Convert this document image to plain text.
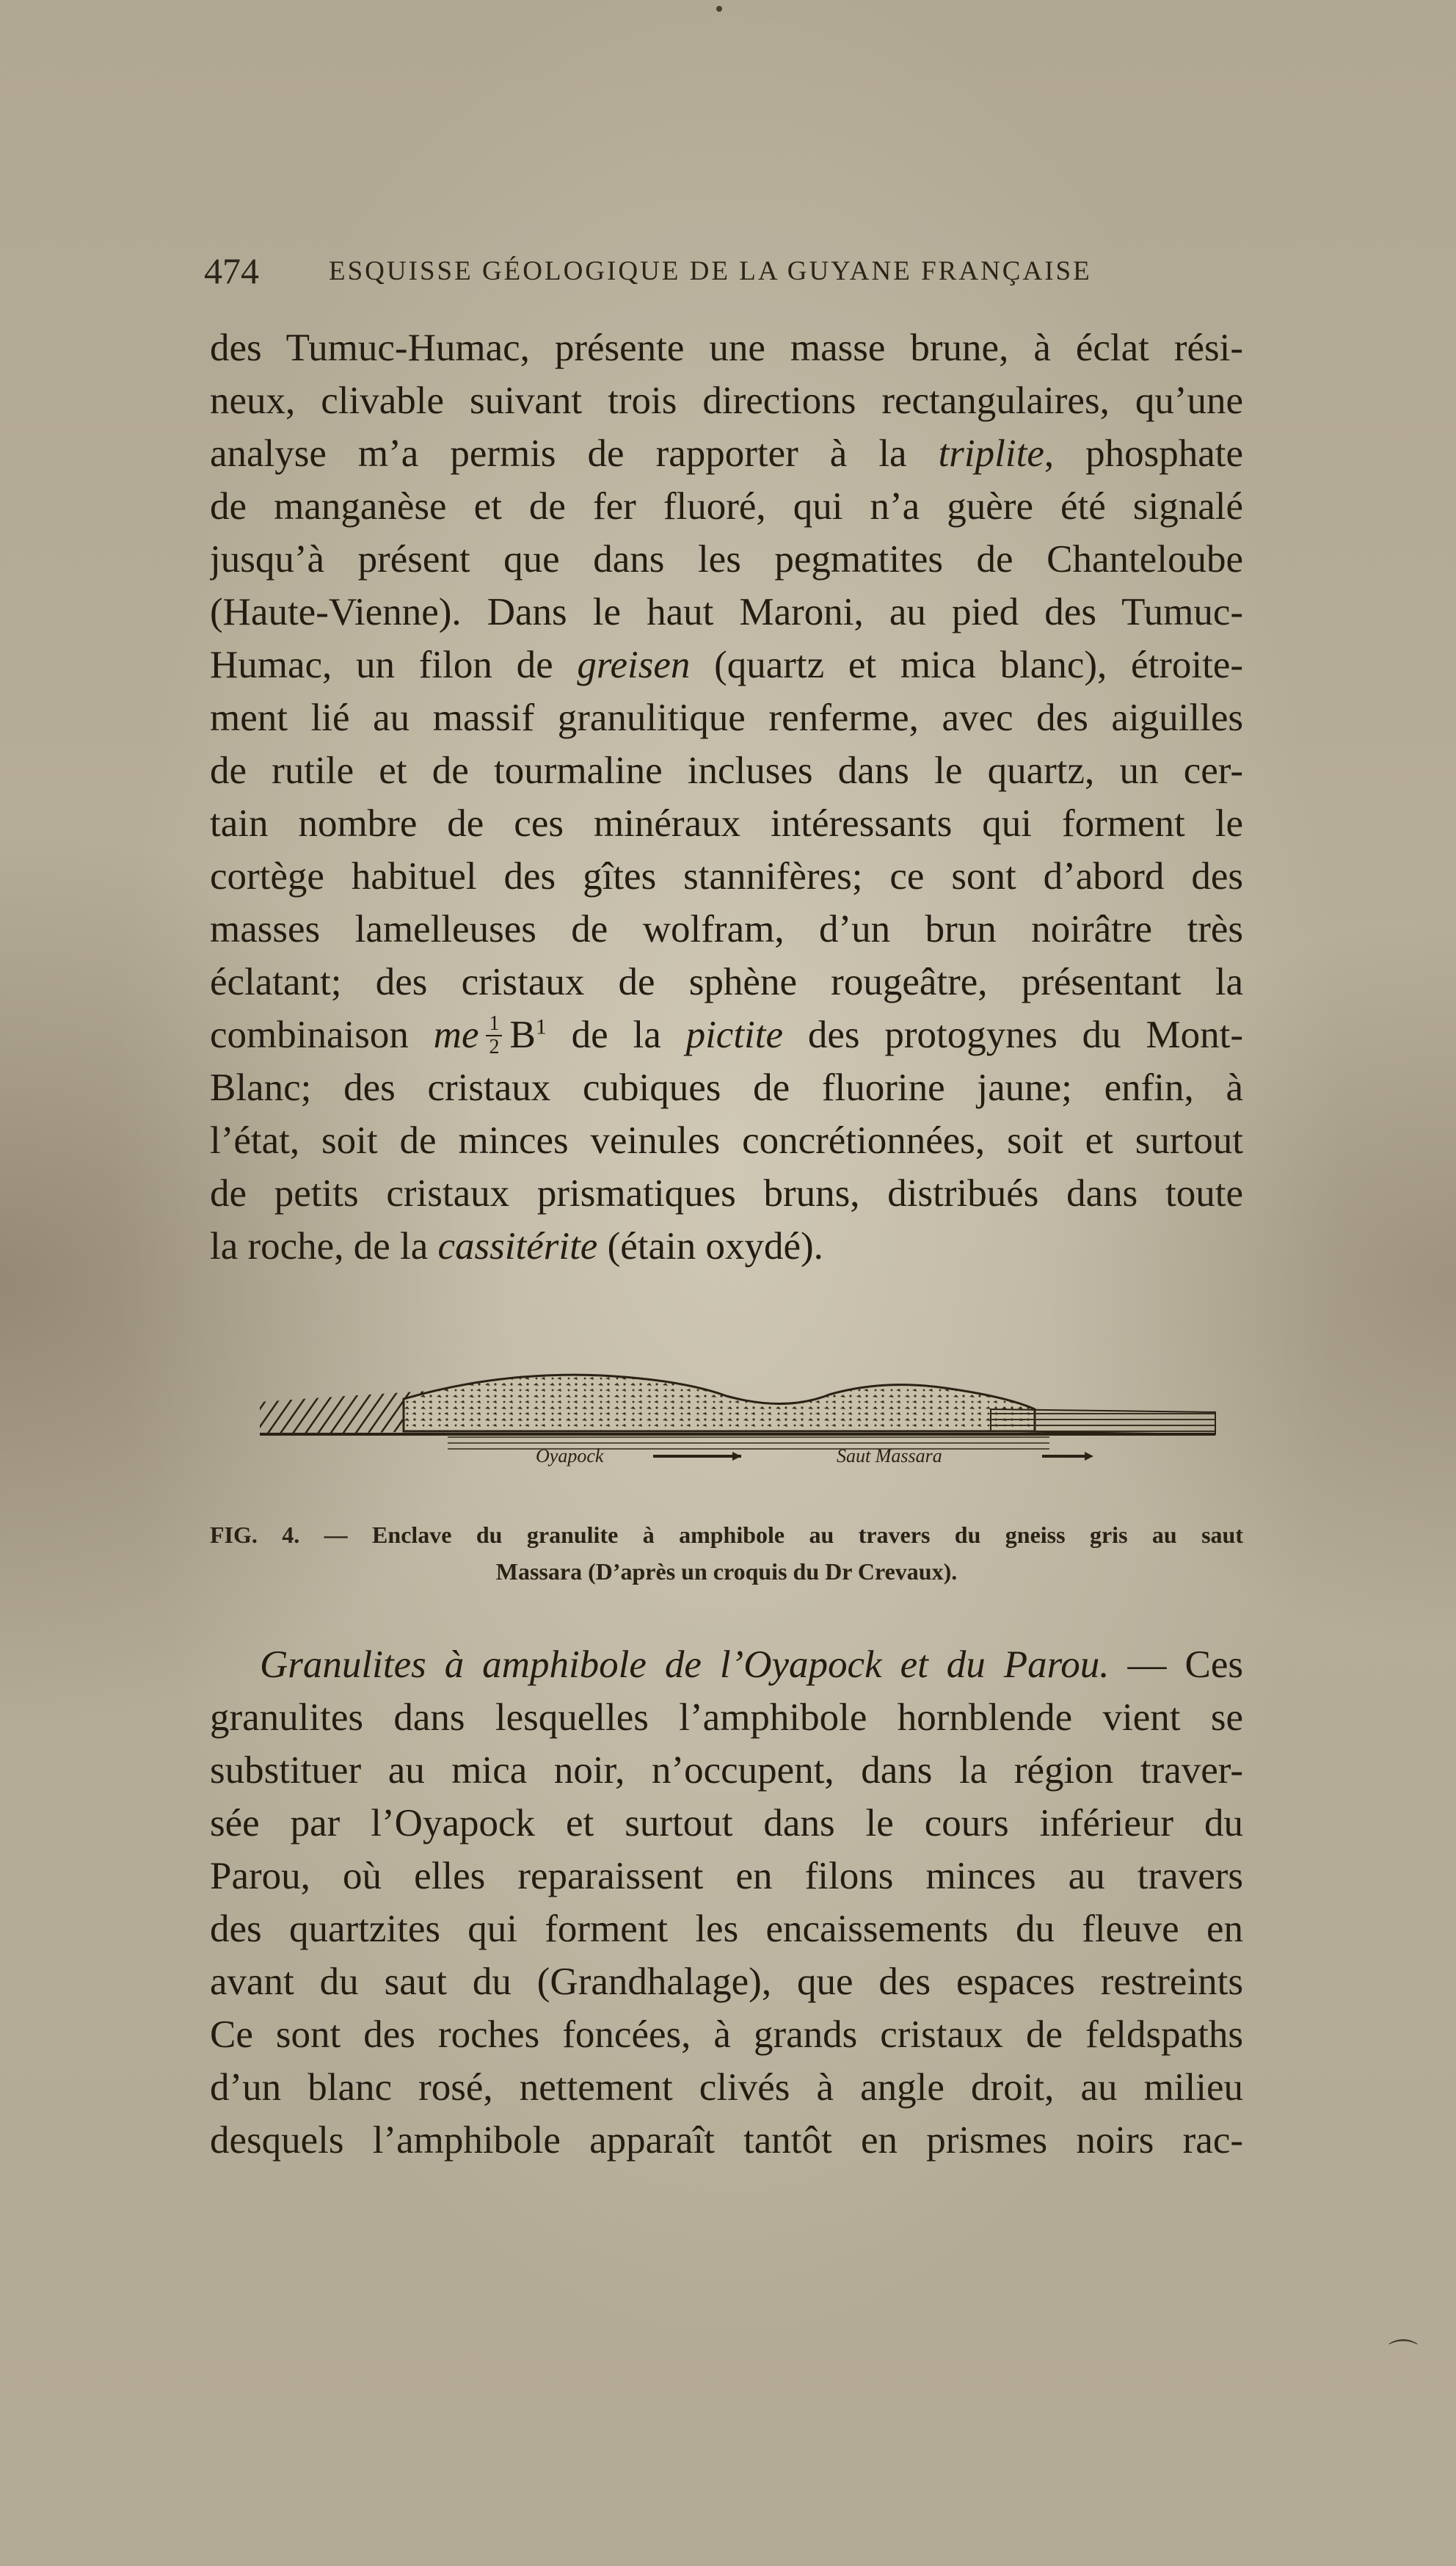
474	ESQUISSE GÉOLOGIQUE DE LA GUYANE FRANÇAISE
des Tumuc-Humac, présente une masse brune, à éclat rési-
neux, clivable suivant trois directions rectangulaires, qu’une
analyse m’a permis de rapporter à la triplite, phosphate
de manganèse et de fer fluoré, qui n’a guère été signalé
jusqu’à présent que dans les pegmatites de Chanteloube
(Haute-Vienne). Dans le haut Maroni, au pied des Tumuc-
Humac, un filon de greisen (quartz et mica blanc), étroite-
ment lié au massif granulitique renferme, avec des aiguilles
de rutile et de tourmaline incluses dans le quartz, un cer-
tain nombre de ces minéraux intéressants qui forment le
cortège habituel des gîtes stannifères; ce sont d’abord des
masses lamelleuses de wolfram, d’un brun noirâtre très
éclatant; des cristaux de sphène rougeâtre, présentant la
combinaison me $\frac{1}{2} B^1$ de la pictite des protogynes du Mont-
Blanc; des cristaux cubiques de fluorine jaune; enfin, à
l’état, soit de minces veinules concrétionnées, soit et surtout
de petits cristaux prismatiques bruns, distribués dans toute
la roche, de la cassitérite (étain oxydé).
Oyapock	Saut Massara
FIG. 4. — Enclave du granulite à amphibole au travers du gneiss gris au saut
Massara (D’après un croquis du Dr Crevaux).
Granulites à amphibole de l’Oyapock et du Parou. — Ces
granulites dans lesquelles l’amphibole hornblende vient se
substituer au mica noir, n’occupent, dans la région traver-
sée par l’Oyapock et surtout dans le cours inférieur du
Parou, où elles reparaissent en filons minces au travers
des quartzites qui forment les encaissements du fleuve en
avant du saut du (Grandhalage), que des espaces restreints
Ce sont des roches foncées, à grands cristaux de feldspaths
d’un blanc rosé, nettement clivés à angle droit, au milieu
desquels l’amphibole apparaît tantôt en prismes noirs rac-
⌒
